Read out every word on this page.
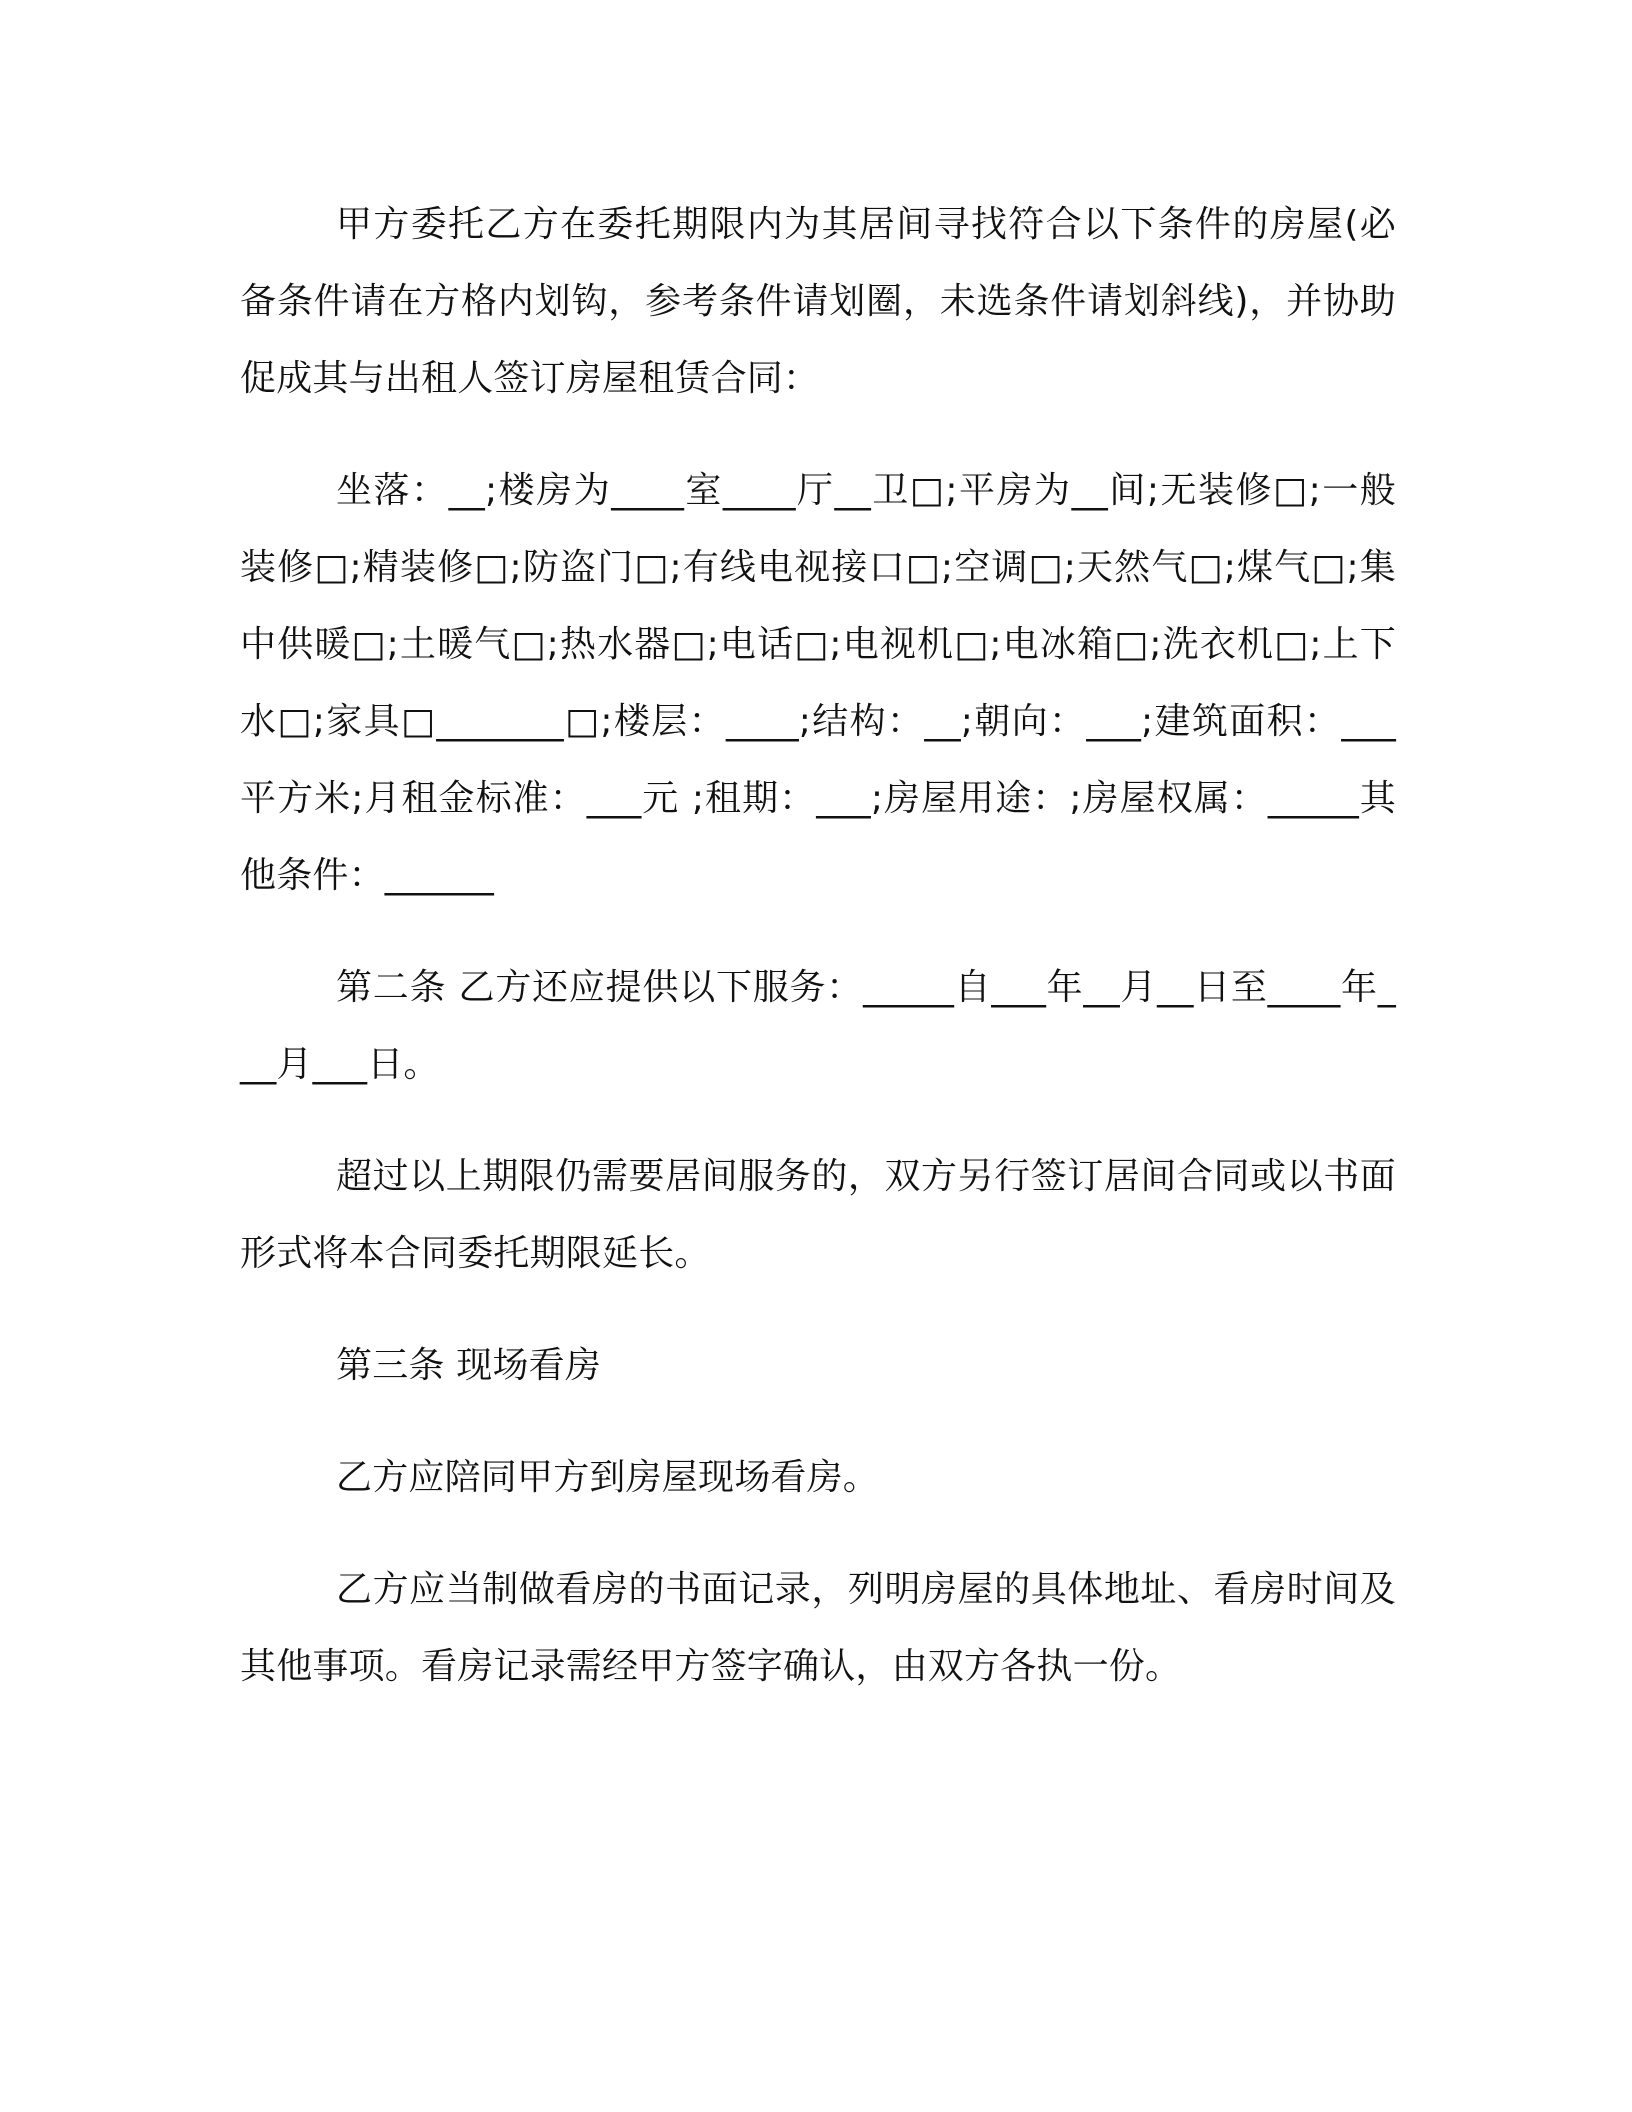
甲方委托乙方在委托期限内为其居间寻找符合以下条件的房屋(必备条件请在方格内划钩，参考条件请划圈，未选条件请划斜线)，并协助促成其与出租人签订房屋租赁合同：

坐落：__;楼房为____室____厅__卫□;平房为__间;无装修□;一般装修□;精装修□;防盗门□;有线电视接口□;空调□;天然气□;煤气□;集中供暖□;土暖气□;热水器□;电话□;电视机□;电冰箱□;洗衣机□;上下水□;家具□_______□;楼层：____;结构：__;朝向：___;建筑面积：___平方米;月租金标准：___元 ;租期：___;房屋用途：;房屋权属：_____其他条件：______

第二条 乙方还应提供以下服务：_____自___年__月__日至____年___月___日。

超过以上期限仍需要居间服务的，双方另行签订居间合同或以书面形式将本合同委托期限延长。

第三条 现场看房

乙方应陪同甲方到房屋现场看房。

乙方应当制做看房的书面记录，列明房屋的具体地址、看房时间及其他事项。看房记录需经甲方签字确认，由双方各执一份。
